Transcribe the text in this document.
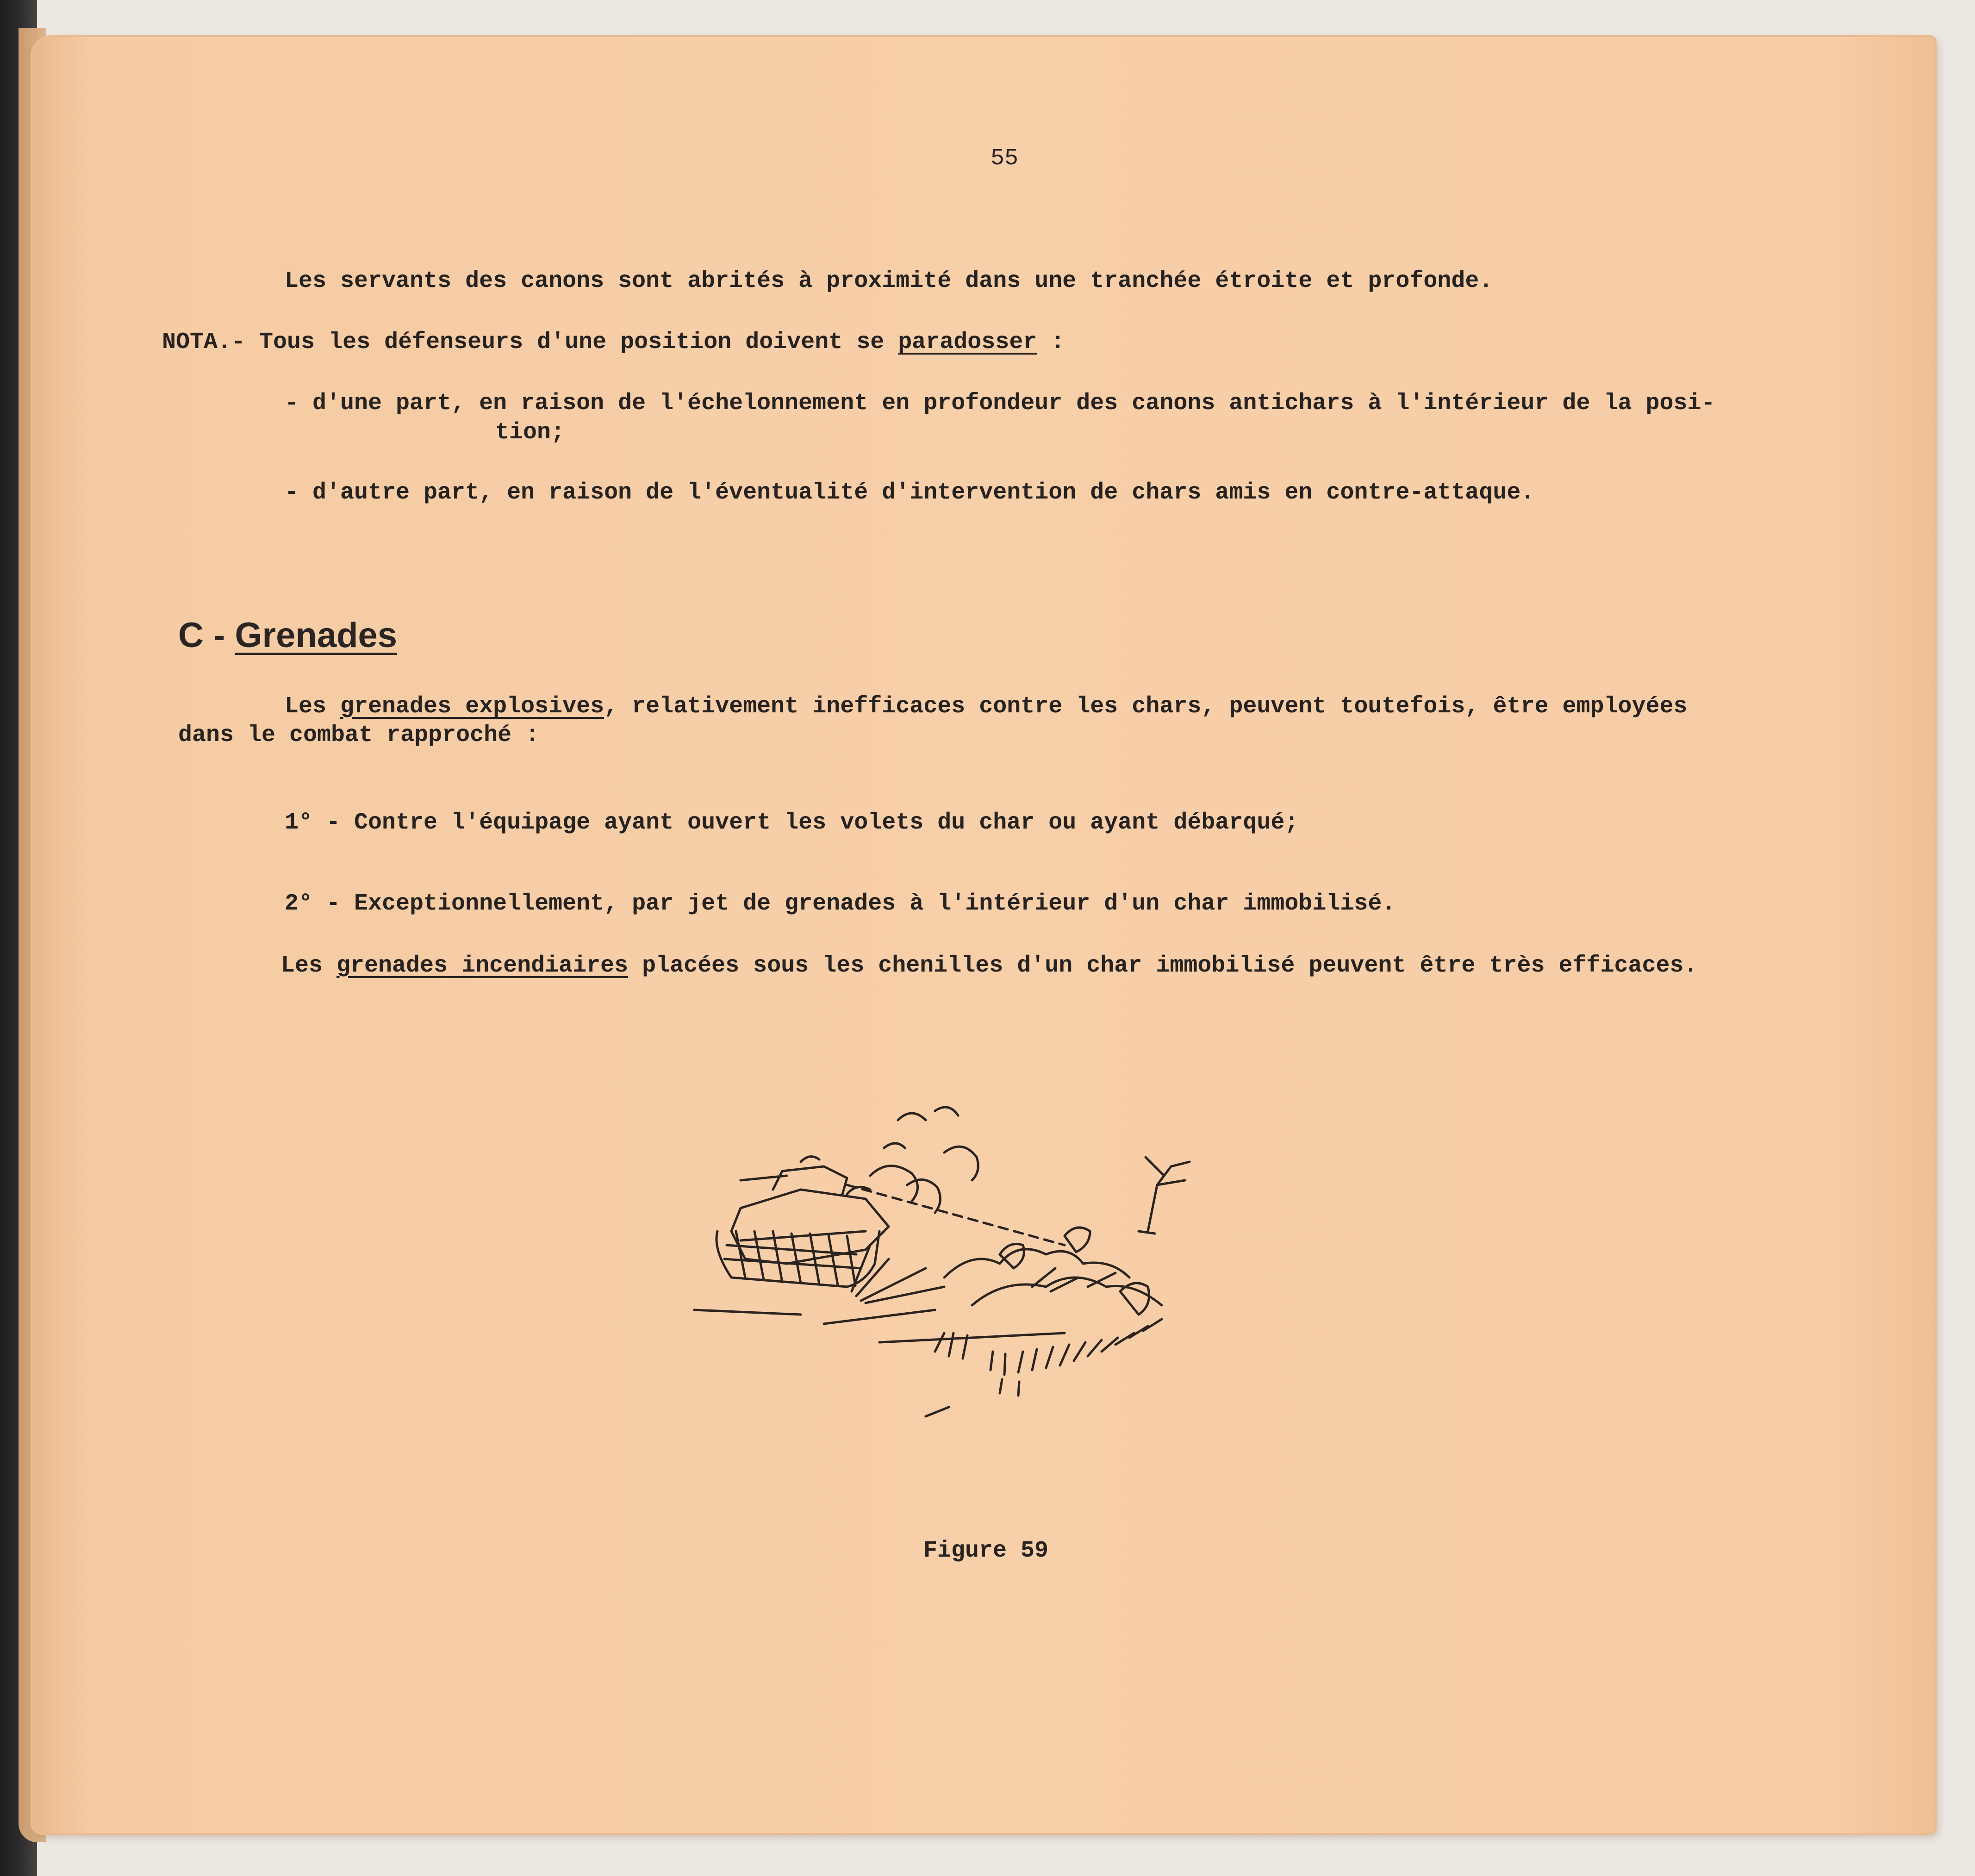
55

Les servants des canons sont abrités à proximité dans une tranchée étroite et profonde.

NOTA.- Tous les défenseurs d'une position doivent se paradosser :

- d'une part, en raison de l'échelonnement en profondeur des canons antichars à l'intérieur de la posi-

tion;

- d'autre part, en raison de l'éventualité d'intervention de chars amis en contre-attaque.

C - Grenades

Les grenades explosives, relativement inefficaces contre les chars, peuvent toutefois, être employées

dans le combat rapproché :

1° - Contre l'équipage ayant ouvert les volets du char ou ayant débarqué;

2° - Exceptionnellement, par jet de grenades à l'intérieur d'un char immobilisé.

Les grenades incendiaires placées sous les chenilles d'un char immobilisé peuvent être très efficaces.

Figure 59
